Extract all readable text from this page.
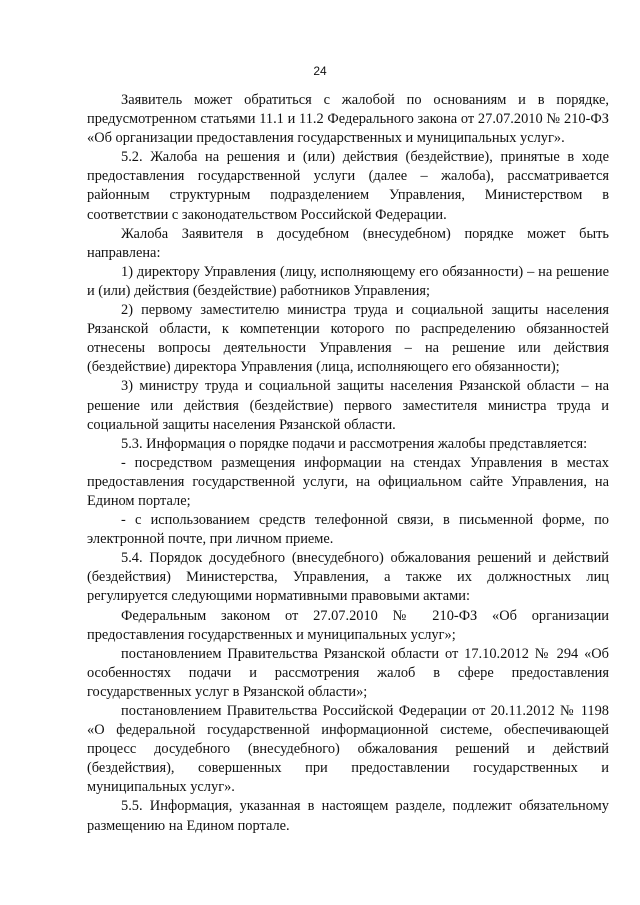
24

Заявитель может обратиться с жалобой по основаниям и в порядке, предусмотренном статьями 11.1 и 11.2 Федерального закона от 27.07.2010 № 210-ФЗ «Об организации предоставления государственных и муниципальных услуг».

5.2. Жалоба на решения и (или) действия (бездействие), принятые в ходе предоставления государственной услуги (далее – жалоба), рассматривается районным структурным подразделением Управления, Министерством в соответствии с законодательством Российской Федерации.

Жалоба Заявителя в досудебном (внесудебном) порядке может быть направлена:

1) директору Управления (лицу, исполняющему его обязанности) – на решение и (или) действия (бездействие) работников Управления;

2) первому заместителю министра труда и социальной защиты населения Рязанской области, к компетенции которого по распределению обязанностей отнесены вопросы деятельности Управления – на решение или действия (бездействие) директора Управления (лица, исполняющего его обязанности);

3) министру труда и социальной защиты населения Рязанской области – на решение или действия (бездействие) первого заместителя министра труда и социальной защиты населения Рязанской области.

5.3. Информация о порядке подачи и рассмотрения жалобы представляется:

- посредством размещения информации на стендах Управления в местах предоставления государственной услуги, на официальном сайте Управления, на Едином портале;

- с использованием средств телефонной связи, в письменной форме, по электронной почте, при личном приеме.

5.4. Порядок досудебного (внесудебного) обжалования решений и действий (бездействия) Министерства, Управления, а также их должностных лиц регулируется следующими нормативными правовыми актами:

Федеральным законом от 27.07.2010 № 210-ФЗ «Об организации предоставления государственных и муниципальных услуг»;

постановлением Правительства Рязанской области от 17.10.2012 № 294 «Об особенностях подачи и рассмотрения жалоб в сфере предоставления государственных услуг в Рязанской области»;

постановлением Правительства Российской Федерации от 20.11.2012 № 1198 «О федеральной государственной информационной системе, обеспечивающей процесс досудебного (внесудебного) обжалования решений и действий (бездействия), совершенных при предоставлении государственных и муниципальных услуг».

5.5. Информация, указанная в настоящем разделе, подлежит обязательному размещению на Едином портале.
